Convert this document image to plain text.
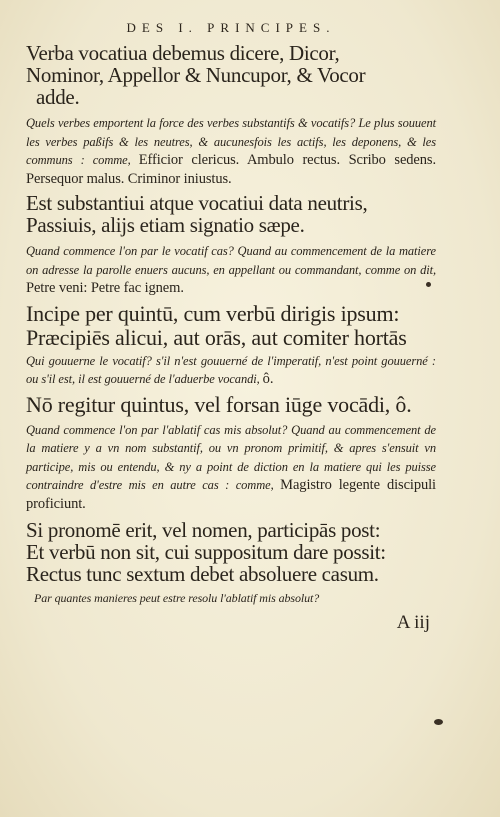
DES I. PRINCIPES.
Verba vocatiua debemus dicere, Dicor,
Nominor, Appellor & Nuncupor, & Vocor
adde.
Quels verbes emportent la force des verbes substantifs & vocatifs? Le plus souuent les verbes paßifs & les neutres, & aucunesfois les actifs, les deponens, & les communs : comme, Efficior clericus. Ambulo rectus. Scribo sedens. Persequor malus. Criminor iniustus.
Est substantiui atque vocatiui data neutris,
Passiuis, alijs etiam signatio sæpe.
Quand commence l'on par le vocatif cas? Quand au commencement de la matiere on adresse la parolle enuers aucuns, en appellant ou commandant, comme on dit, Petre veni: Petre fac ignem.
Incipe per quintū, cum verbū dirigis ipsum:
Præcipiēs alicui, aut orās, aut comiter hortās
Qui gouuerne le vocatif? s'il n'est gouuerné de l'imperatif, n'est point gouuerné : ou s'il est, il est gouuerné de l'aduerbe vocandi, ô.
Nō regitur quintus, vel forsan iūge vocādi, ô.
Quand commence l'on par l'ablatif cas mis absolut? Quand au commencement de la matiere y a vn nom substantif, ou vn pronom primitif, & apres s'ensuit vn participe, mis ou entendu, & ny a point de diction en la matiere qui les puisse contraindre d'estre mis en autre cas : comme, Magistro legente discipuli proficiunt.
Si pronomē erit, vel nomen, participās post:
Et verbū non sit, cui suppositum dare possit:
Rectus tunc sextum debet absoluere casum.
Par quantes manieres peut estre resolu l'ablatif mis absolut?
A iij
